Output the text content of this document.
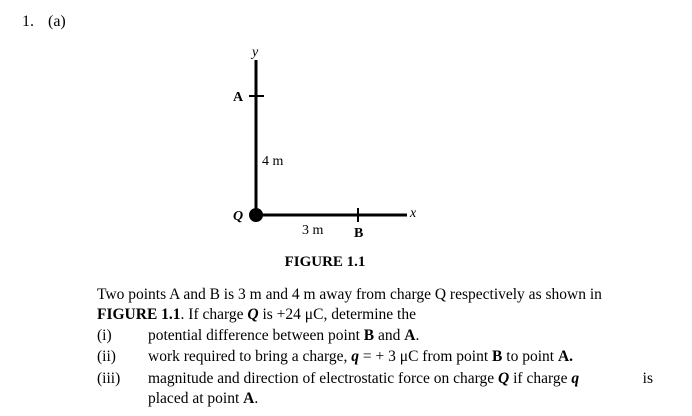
1. (a)
y
x
A
B
Q
4 m
3 m
FIGURE 1.1
Two points A and B is 3 m and 4 m away from charge Q respectively as shown in
FIGURE 1.1. If charge Q is +24 μC, determine the
(i) potential difference between point B and A.
(ii) work required to bring a charge, q = + 3 μC from point B to point A.
(iii) magnitude and direction of electrostatic force on charge Q if charge q	is
placed at point A.
